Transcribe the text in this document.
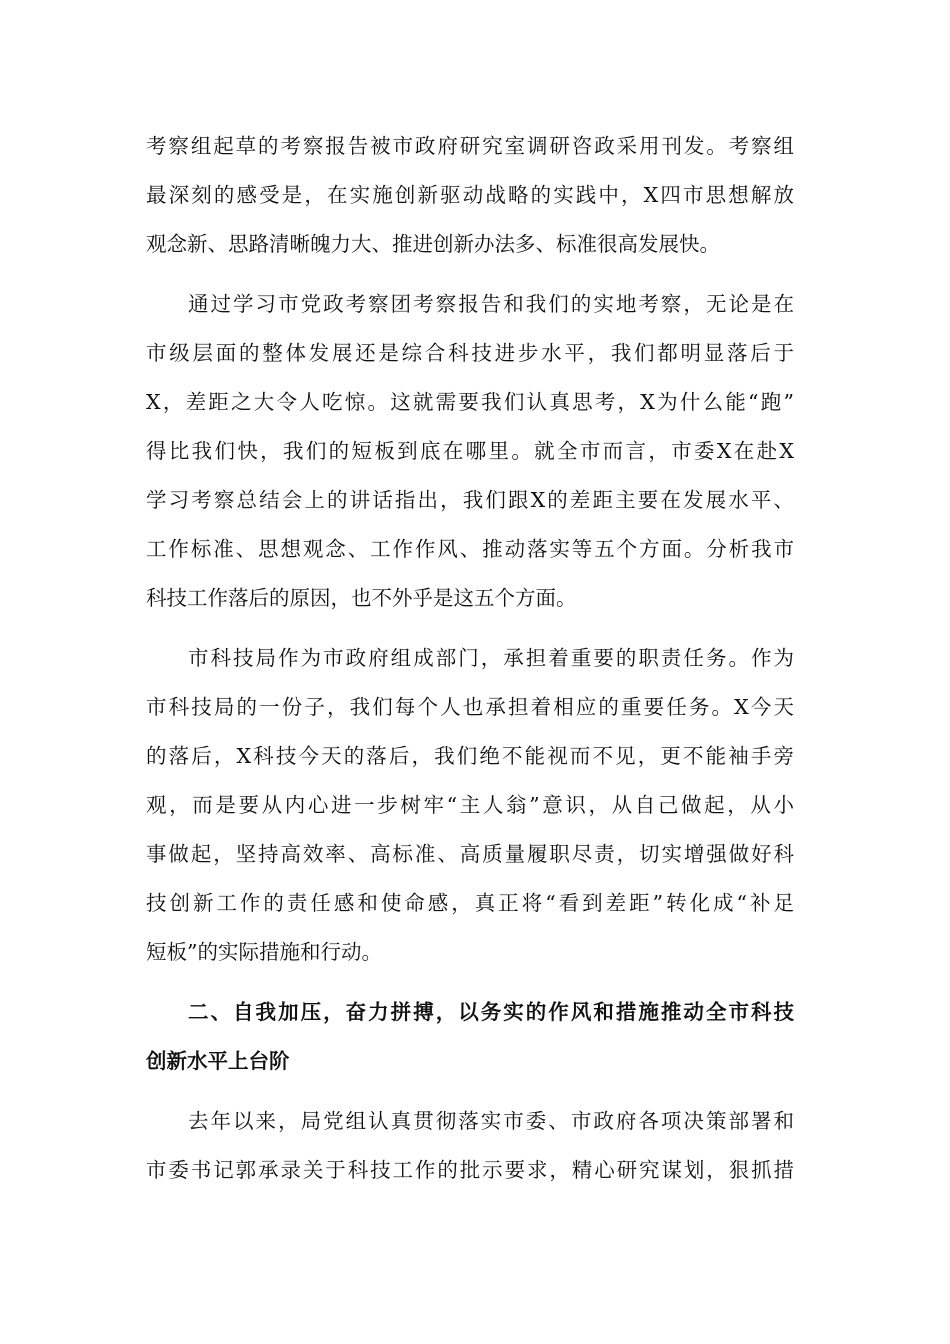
考察组起草的考察报告被市政府研究室调研咨政采用刊发。考察组
最深刻的感受是，在实施创新驱动战略的实践中，X四市思想解放
观念新、思路清晰魄力大、推进创新办法多、标准很高发展快。
通过学习市党政考察团考察报告和我们的实地考察，无论是在
市级层面的整体发展还是综合科技进步水平，我们都明显落后于
X，差距之大令人吃惊。这就需要我们认真思考，X为什么能“跑”
得比我们快，我们的短板到底在哪里。就全市而言，市委X在赴X
学习考察总结会上的讲话指出，我们跟X的差距主要在发展水平、
工作标准、思想观念、工作作风、推动落实等五个方面。分析我市
科技工作落后的原因，也不外乎是这五个方面。
市科技局作为市政府组成部门，承担着重要的职责任务。作为
市科技局的一份子，我们每个人也承担着相应的重要任务。X今天
的落后，X科技今天的落后，我们绝不能视而不见，更不能袖手旁
观，而是要从内心进一步树牢“主人翁”意识，从自己做起，从小
事做起，坚持高效率、高标准、高质量履职尽责，切实增强做好科
技创新工作的责任感和使命感，真正将“看到差距”转化成“补足
短板”的实际措施和行动。
二、自我加压，奋力拼搏，以务实的作风和措施推动全市科技
创新水平上台阶
去年以来，局党组认真贯彻落实市委、市政府各项决策部署和
市委书记郭承录关于科技工作的批示要求，精心研究谋划，狠抓措
